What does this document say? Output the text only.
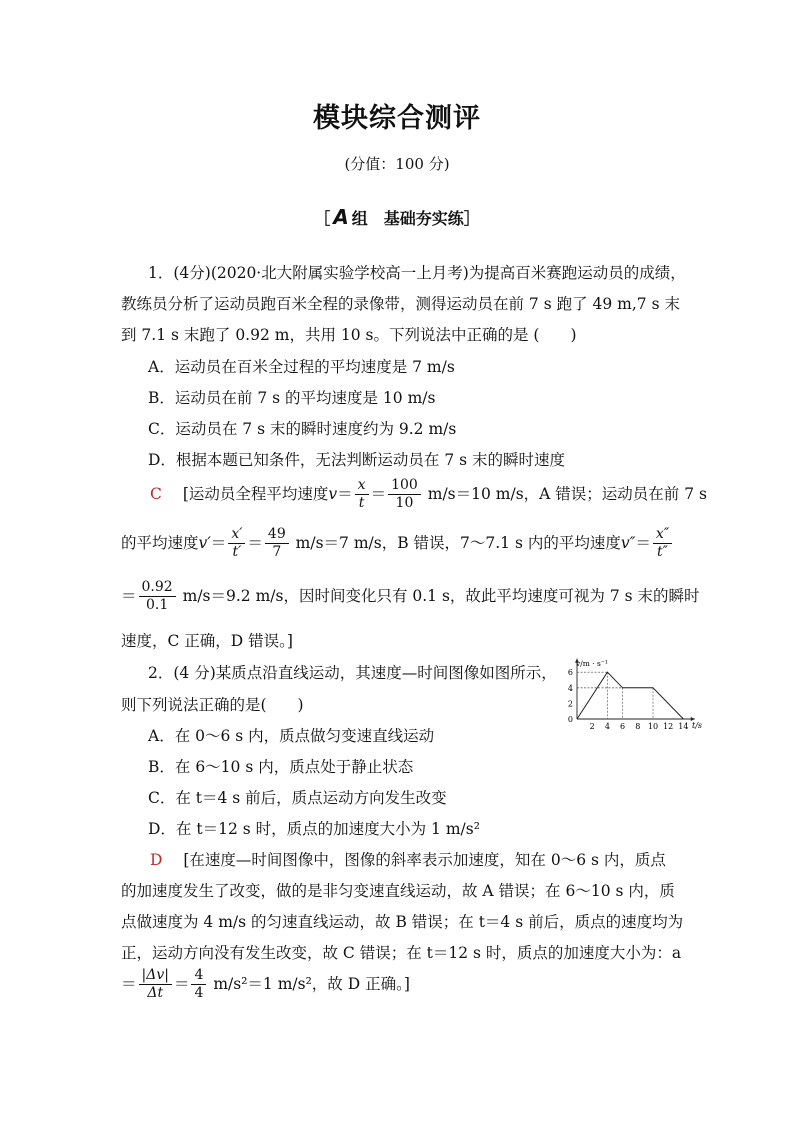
模块综合测评
(分值：100 分)
［ A 组　基础夯实练］
1．(4分)(2020·北大附属实验学校高一上月考)为提高百米赛跑运动员的成绩，
教练员分析了运动员跑百米全程的录像带，测得运动员在前 7 s 跑了 49 m,7 s 末
到 7.1 s 末跑了 0.92 m，共用 10 s。下列说法中正确的是 (　　)
A．运动员在百米全过程的平均速度是 7 m/s
B．运动员在前 7 s 的平均速度是 10 m/s
C．运动员在 7 s 末的瞬时速度约为 9.2 m/s
D．根据本题已知条件，无法判断运动员在 7 s 末的瞬时速度
C [运动员全程平均速度$v= \frac{x}{t} = \frac{100}{10} m/s=10$ m/s，A 错误；运动员在前 7 s
的平均速度$v'= \frac{x'}{t'} = \frac{49}{7} m/s=7$ m/s，B 错误，7～7.1 s 内的平均速度$v''= \frac{x''}{t''}$
＝ $\frac{0.92}{0.1} m/s=9.2$ m/s，因时间变化只有 0.1 s，故此平均速度可视为 7 s 末的瞬时
速度，C 正确，D 错误。]
2．(4 分)某质点沿直线运动，其速度—时间图像如图所示，
则下列说法正确的是(　　)
A．在 0～6 s 内，质点做匀变速直线运动
B．在 6～10 s 内，质点处于静止状态
C．在 t＝4 s 前后，质点运动方向发生改变
D．在 t＝12 s 时，质点的加速度大小为 1 m/s²
D [在速度—时间图像中，图像的斜率表示加速度，知在 0～6 s 内，质点
的加速度发生了改变，做的是非匀变速直线运动，故 A 错误；在 6～10 s 内，质
点做速度为 4 m/s 的匀速直线运动，故 B 错误；在 t＝4 s 前后，质点的速度均为
正，运动方向没有发生改变，故 C 错误；在 t＝12 s 时，质点的加速度大小为：a
＝ $\frac{|\Delta v|}{\Delta t} = \frac{4}{4} m/s^2=1$ m/s²，故 D 正确。]
2 4 6 8 10 12 14
0
2
4
6
v/m · s⁻¹
t/s
